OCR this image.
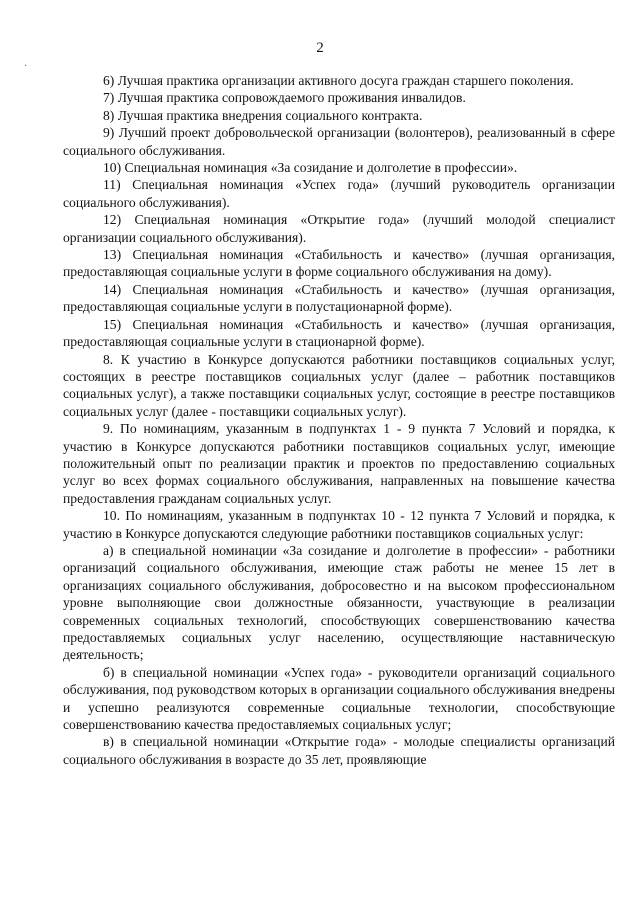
2
·

6) Лучшая практика организации активного досуга граждан старшего поколения.

7) Лучшая практика сопровождаемого проживания инвалидов.

8) Лучшая практика внедрения социального контракта.

9) Лучший проект добровольческой организации (волонтеров), реализованный в сфере социального обслуживания.

10) Специальная номинация «За созидание и долголетие в профессии».

11) Специальная номинация «Успех года» (лучший руководитель организации социального обслуживания).

12) Специальная номинация «Открытие года» (лучший молодой специалист организации социального обслуживания).

13) Специальная номинация «Стабильность и качество» (лучшая организация, предоставляющая социальные услуги в форме социального обслуживания на дому).

14) Специальная номинация «Стабильность и качество» (лучшая организация, предоставляющая социальные услуги в полустационарной форме).

15) Специальная номинация «Стабильность и качество» (лучшая организация, предоставляющая социальные услуги в стационарной форме).

8. К участию в Конкурсе допускаются работники поставщиков социальных услуг, состоящих в реестре поставщиков социальных услуг (далее – работник поставщиков социальных услуг), а также поставщики социальных услуг, состоящие в реестре поставщиков социальных услуг (далее - поставщики социальных услуг).

9. По номинациям, указанным в подпунктах 1 - 9 пункта 7 Условий и порядка, к участию в Конкурсе допускаются работники поставщиков социальных услуг, имеющие положительный опыт по реализации практик и проектов по предоставлению социальных услуг во всех формах социального обслуживания, направленных на повышение качества предоставления гражданам социальных услуг.

10. По номинациям, указанным в подпунктах 10 - 12 пункта 7 Условий и порядка, к участию в Конкурсе допускаются следующие работники поставщиков социальных услуг:

а) в специальной номинации «За созидание и долголетие в профессии» - работники организаций социального обслуживания, имеющие стаж работы не менее 15 лет в организациях социального обслуживания, добросовестно и на высоком профессиональном уровне выполняющие свои должностные обязанности, участвующие в реализации современных социальных технологий, способствующих совершенствованию качества предоставляемых социальных услуг населению, осуществляющие наставническую деятельность;

б) в специальной номинации «Успех года» - руководители организаций социального обслуживания, под руководством которых в организации социального обслуживания внедрены и успешно реализуются современные социальные технологии, способствующие совершенствованию качества предоставляемых социальных услуг;

в) в специальной номинации «Открытие года» - молодые специалисты организаций социального обслуживания в возрасте до 35 лет, проявляющие
